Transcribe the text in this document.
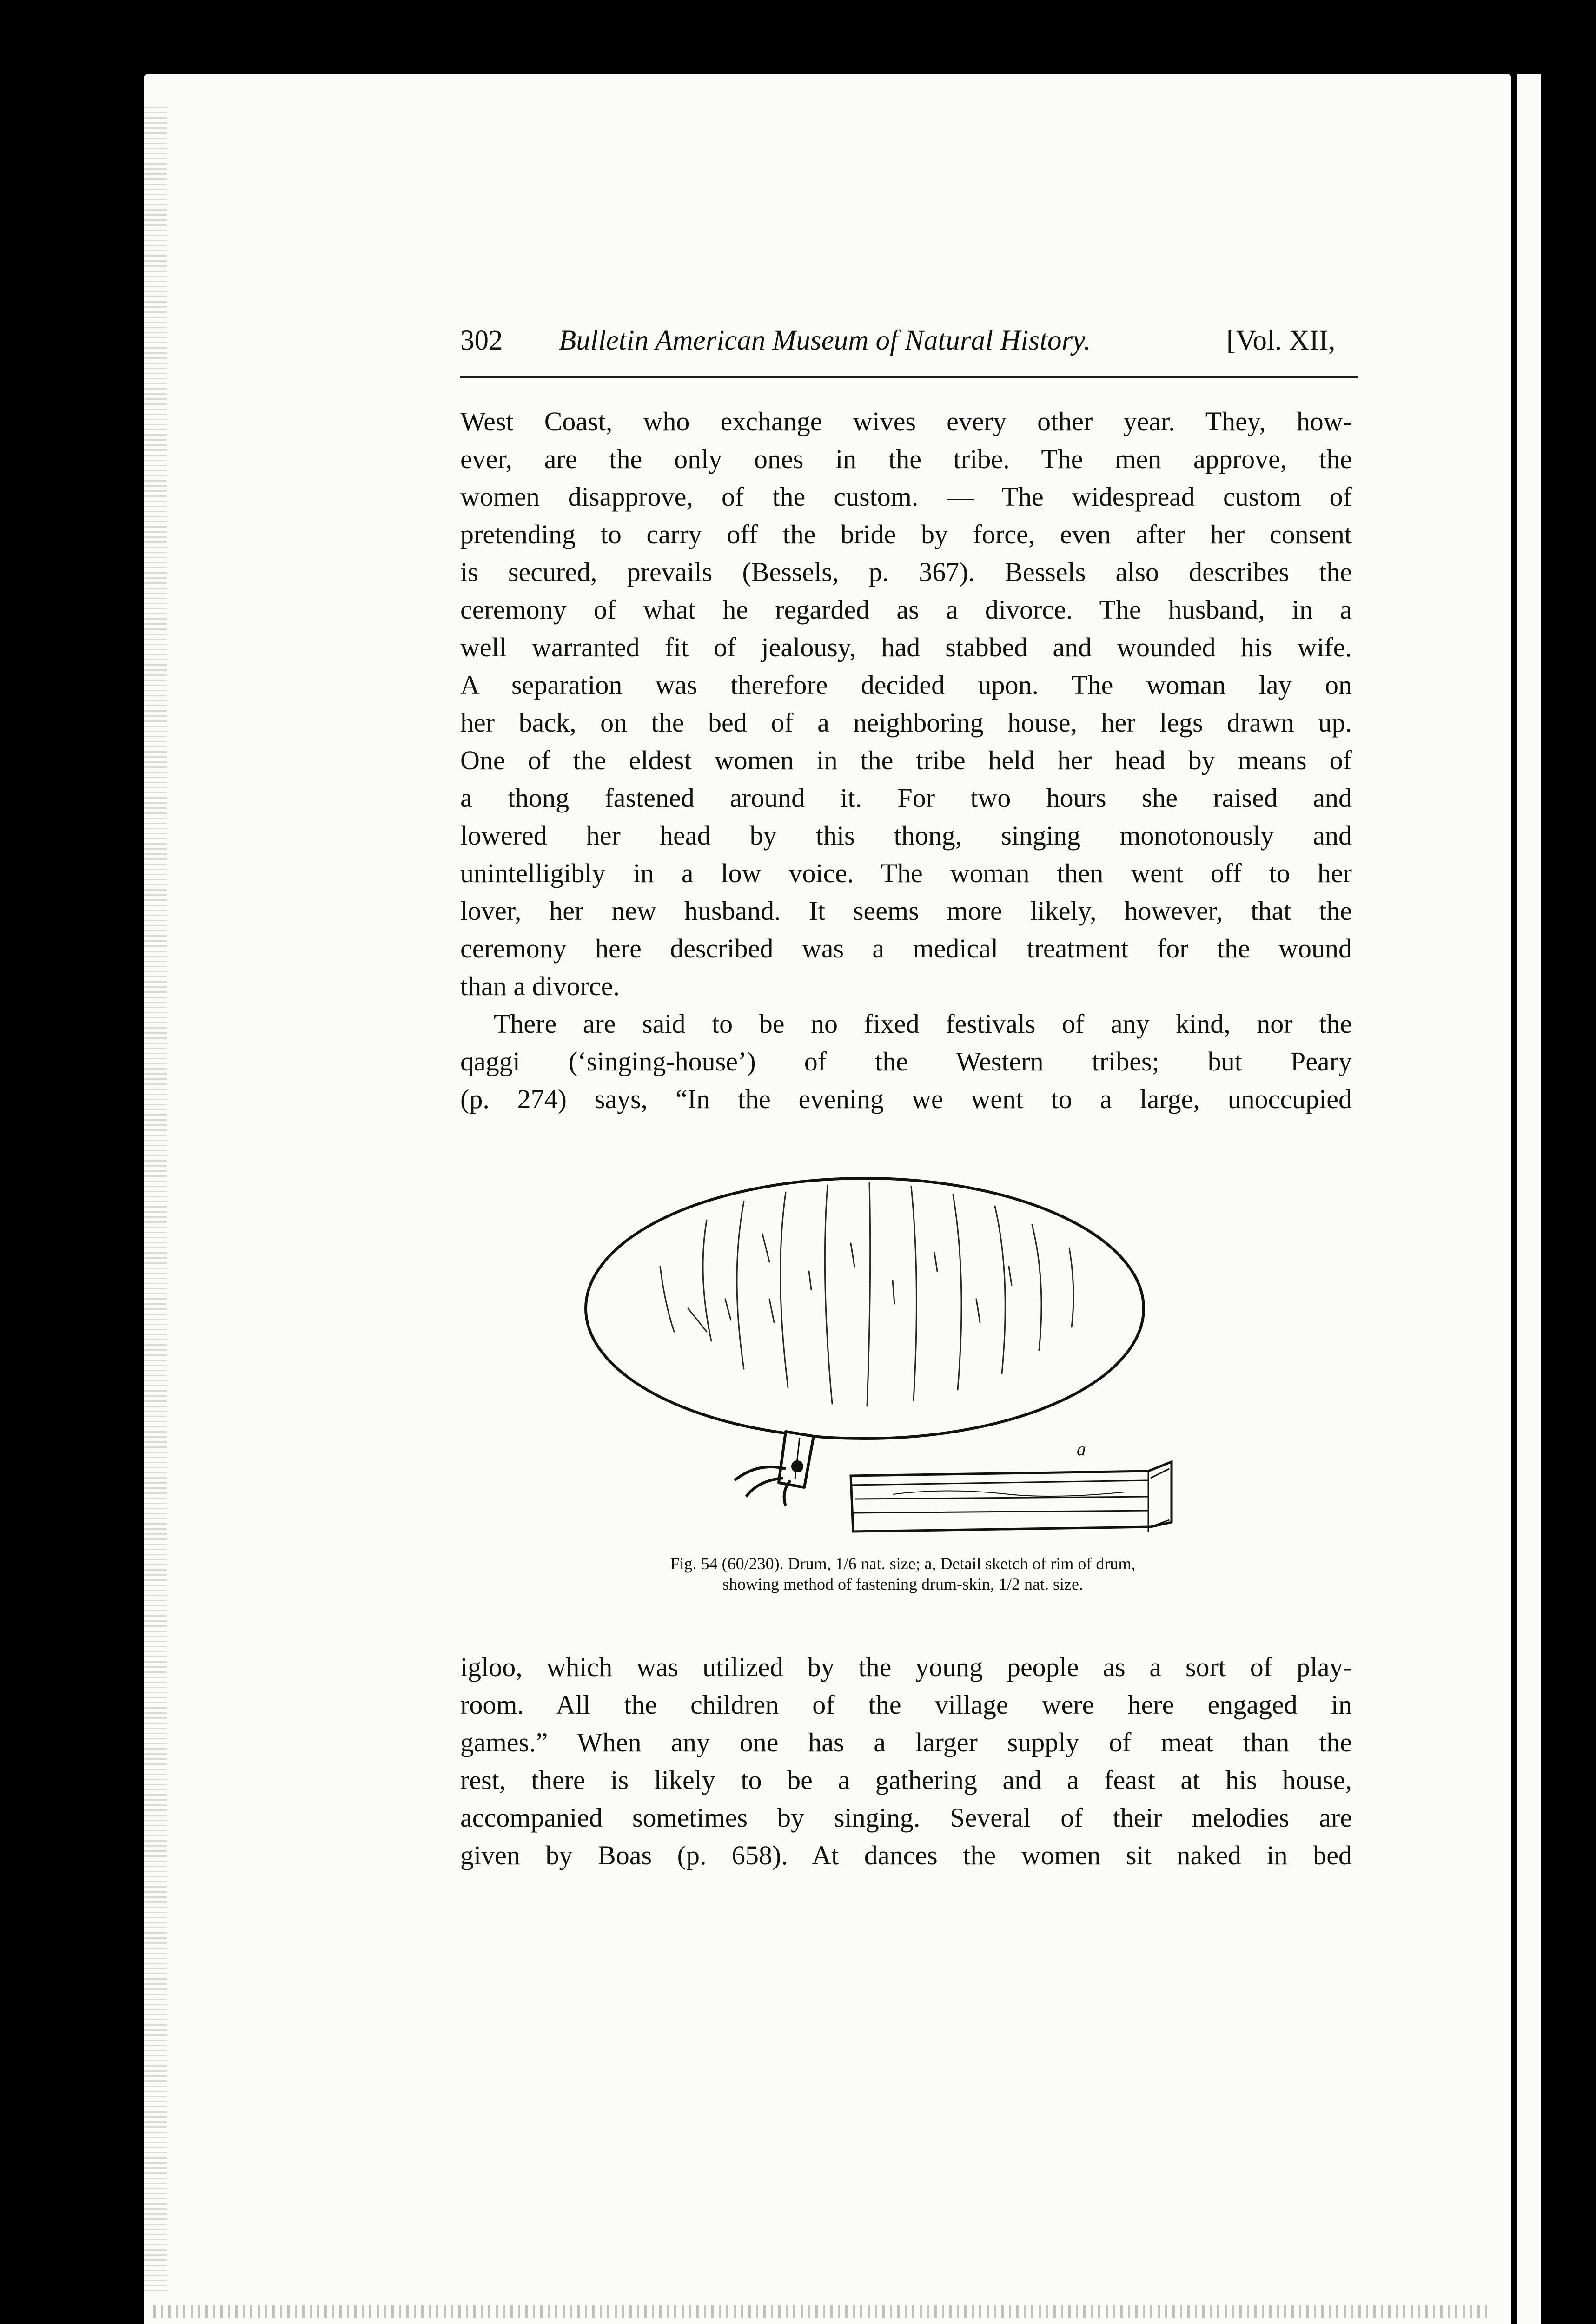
302 Bulletin American Museum of Natural History.	[Vol. XII,
West Coast, who exchange wives every other year. They, how-
ever, are the only ones in the tribe. The men approve, the
women disapprove, of the custom. — The widespread custom of
pretending to carry off the bride by force, even after her consent
is secured, prevails (Bessels, p. 367). Bessels also describes the
ceremony of what he regarded as a divorce. The husband, in a
well warranted fit of jealousy, had stabbed and wounded his wife.
A separation was therefore decided upon. The woman lay on
her back, on the bed of a neighboring house, her legs drawn up.
One of the eldest women in the tribe held her head by means of
a thong fastened around it. For two hours she raised and
lowered her head by this thong, singing monotonously and
unintelligibly in a low voice. The woman then went off to her
lover, her new husband. It seems more likely, however, that the
ceremony here described was a medical treatment for the wound
than a divorce.
There are said to be no fixed festivals of any kind, nor the
qaggi (‘singing-house’) of the Western tribes; but Peary
(p. 274) says, “In the evening we went to a large, unoccupied
a
Fig. 54 (60/230). Drum, 1/6 nat. size; a, Detail sketch of rim of drum,
showing method of fastening drum-skin, 1/2 nat. size.
igloo, which was utilized by the young people as a sort of play-
room. All the children of the village were here engaged in
games.” When any one has a larger supply of meat than the
rest, there is likely to be a gathering and a feast at his house,
accompanied sometimes by singing. Several of their melodies are
given by Boas (p. 658). At dances the women sit naked in bed
